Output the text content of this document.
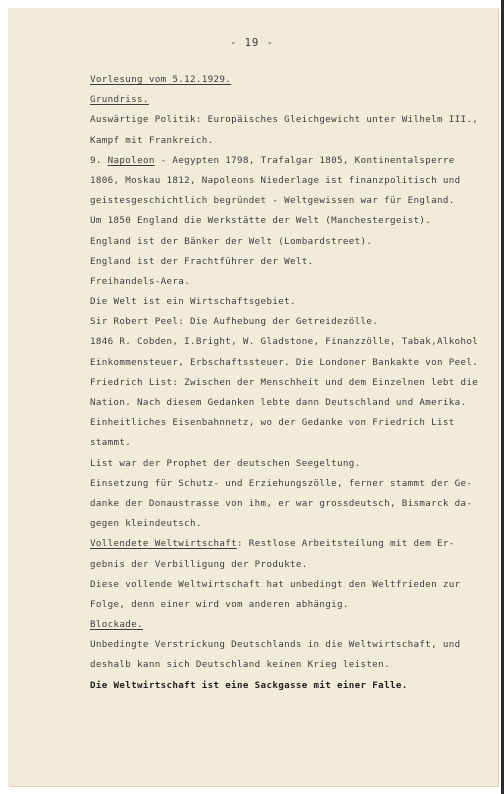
- 19 -
Vorlesung vom 5.12.1929.
Grundriss.
Auswärtige Politik: Europäisches Gleichgewicht unter Wilhelm III.,
Kampf mit Frankreich.
9. Napoleon - Aegypten 1798, Trafalgar 1805, Kontinentalsperre
1806, Moskau 1812, Napoleons Niederlage ist finanzpolitisch und
geistesgeschichtlich begründet - Weltgewissen war für England.
Um 1850 England die Werkstätte der Welt (Manchestergeist).
England ist der Bänker der Welt (Lombardstreet).
England ist der Frachtführer der Welt.
Freihandels-Aera.
Die Welt ist ein Wirtschaftsgebiet.
Sir Robert Peel: Die Aufhebung der Getreidezölle.
1846 R. Cobden, I.Bright, W. Gladstone, Finanzzölle, Tabak,Alkohol
Einkommensteuer, Erbschaftssteuer. Die Londoner Bankakte von Peel.
Friedrich List: Zwischen der Menschheit und dem Einzelnen lebt die
Nation. Nach diesem Gedanken lebte dann Deutschland und Amerika.
Einheitliches Eisenbahnnetz, wo der Gedanke von Friedrich List
stammt.
List war der Prophet der deutschen Seegeltung.
Einsetzung für Schutz- und Erziehungszölle, ferner stammt der Ge-
danke der Donaustrasse von ihm, er war grossdeutsch, Bismarck da-
gegen kleindeutsch.
Vollendete Weltwirtschaft: Restlose Arbeitsteilung mit dem Er-
gebnis der Verbilligung der Produkte.
Diese vollende Weltwirtschaft hat unbedingt den Weltfrieden zur
Folge, denn einer wird vom anderen abhängig.
Blockade.
Unbedingte Verstrickung Deutschlands in die Weltwirtschaft, und
deshalb kann sich Deutschland keinen Krieg leisten.
Die Weltwirtschaft ist eine Sackgasse mit einer Falle.
